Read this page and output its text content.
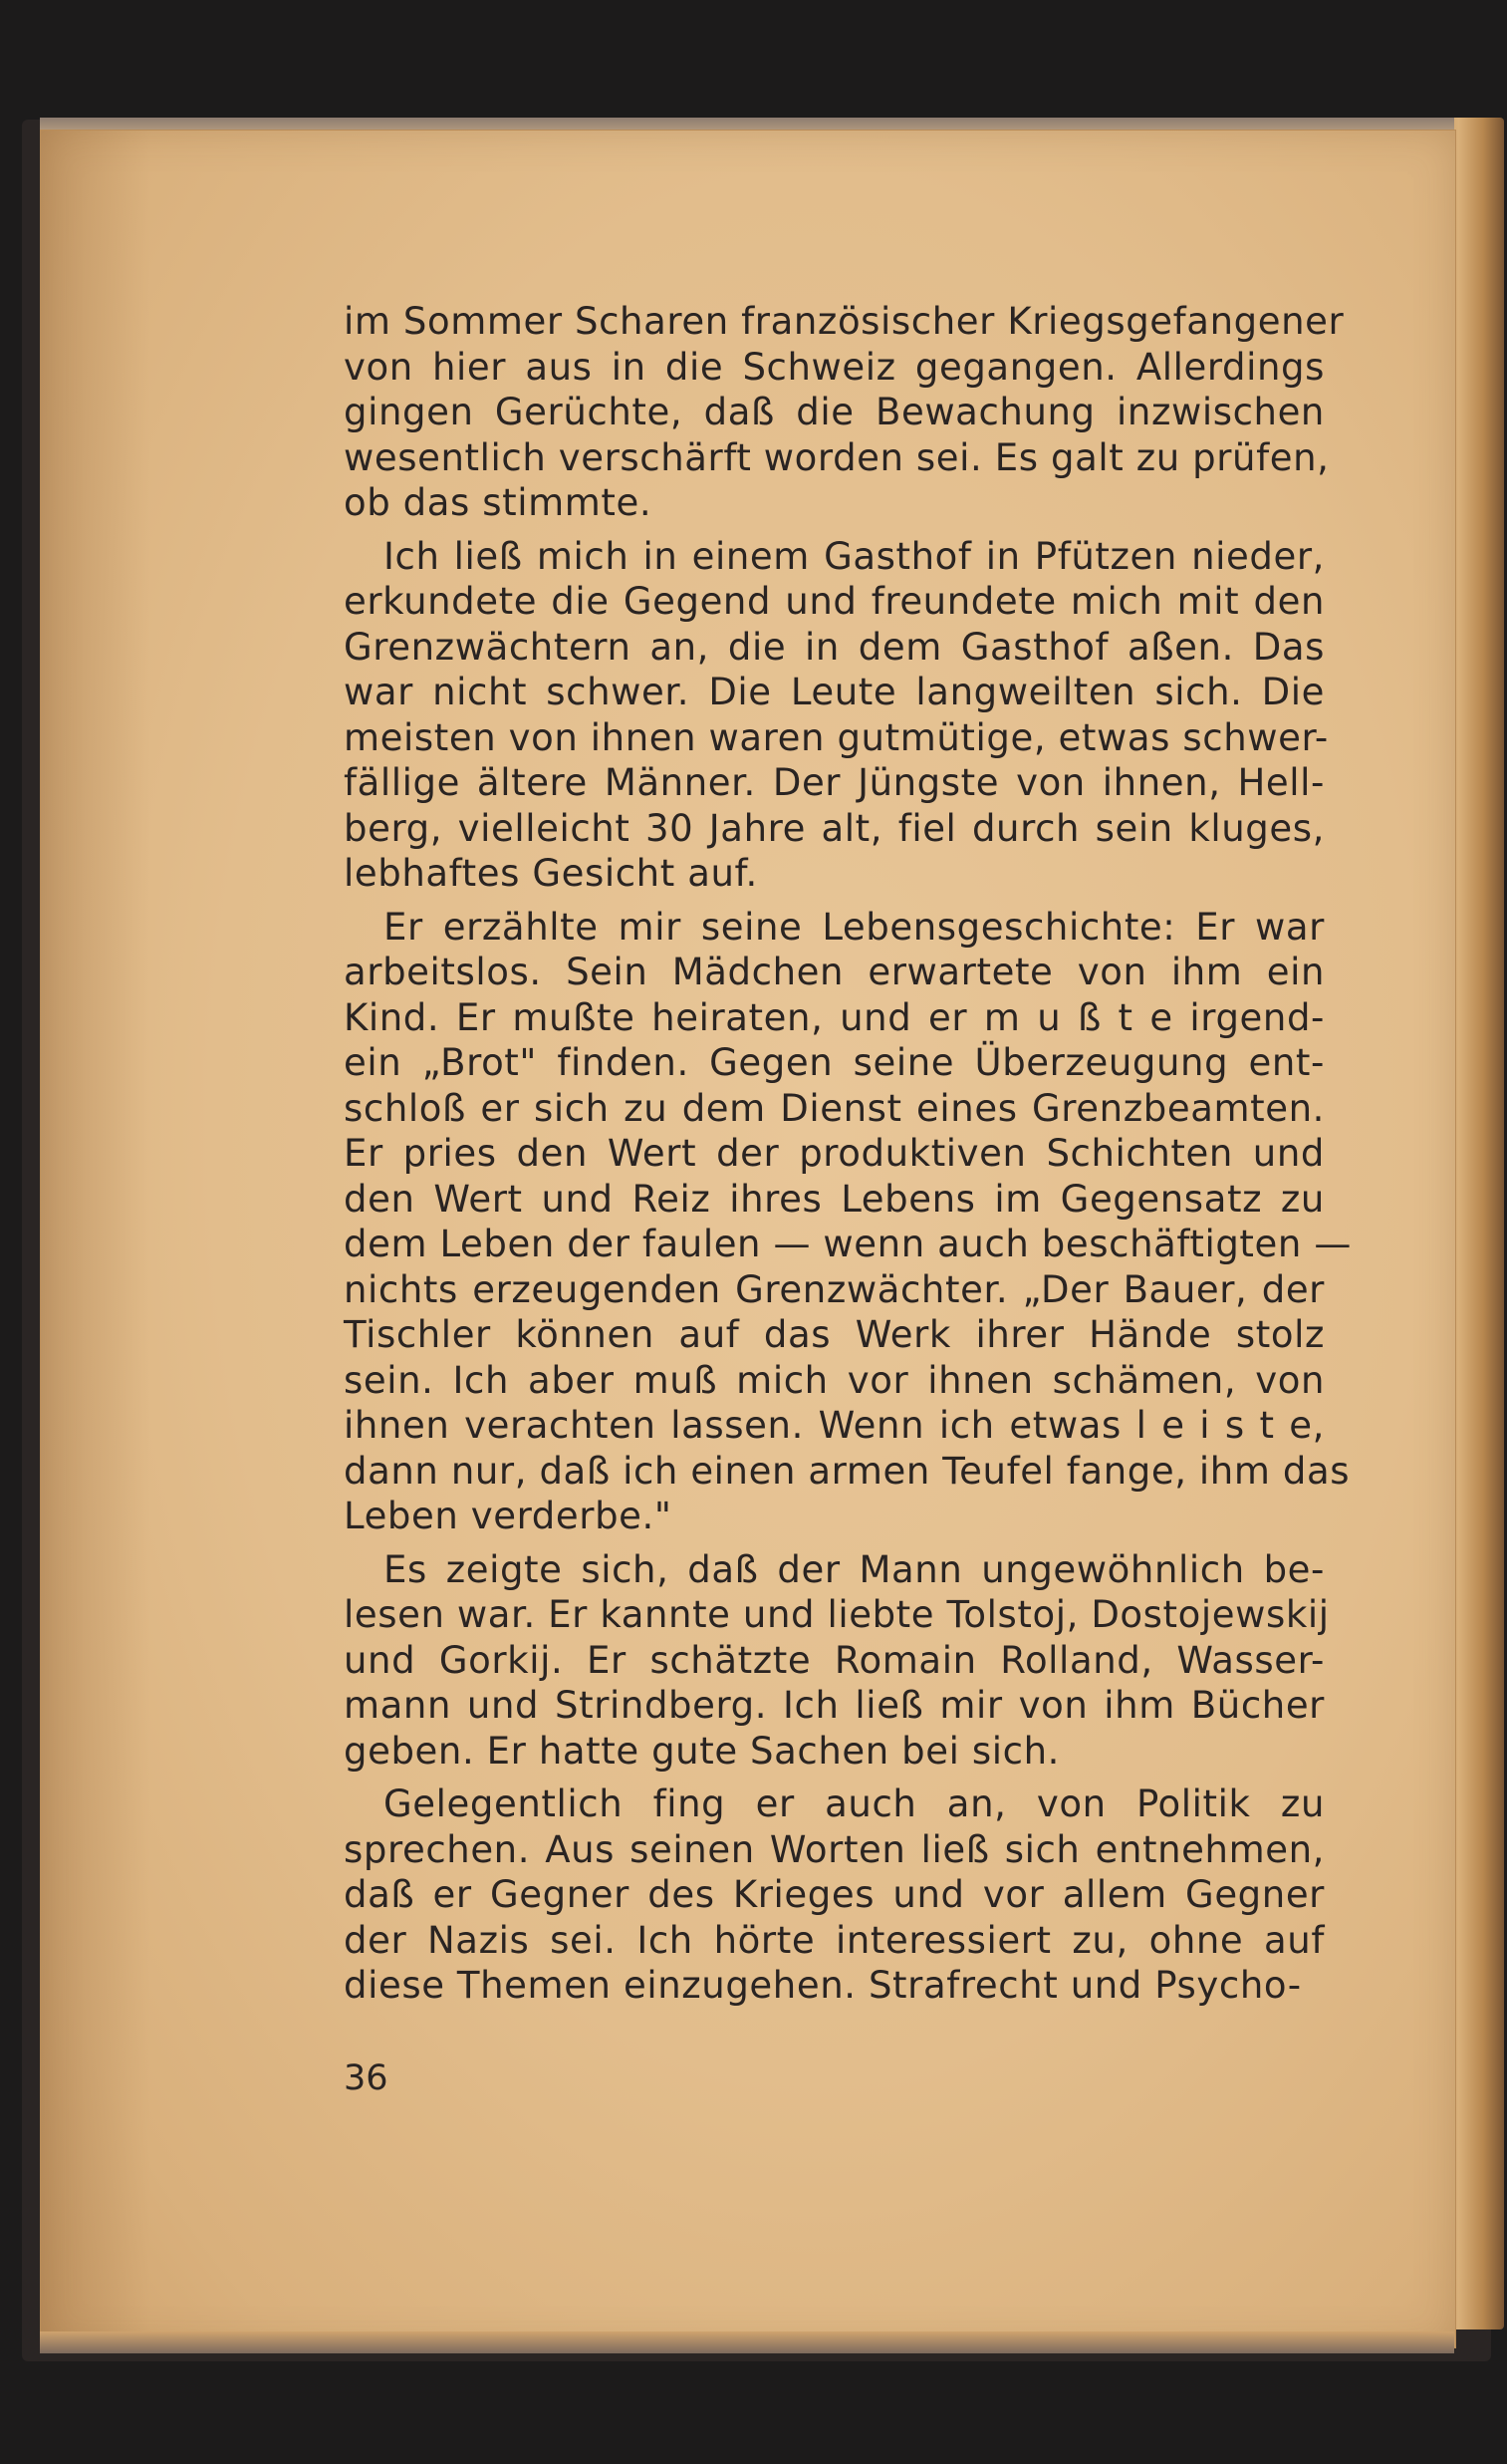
im Sommer Scharen französischer Kriegsgefangener
von hier aus in die Schweiz gegangen. Allerdings
gingen Gerüchte, daß die Bewachung inzwischen
wesentlich verschärft worden sei. Es galt zu prüfen,
ob das stimmte.
Ich ließ mich in einem Gasthof in Pfützen nieder,
erkundete die Gegend und freundete mich mit den
Grenzwächtern an, die in dem Gasthof aßen. Das
war nicht schwer. Die Leute langweilten sich. Die
meisten von ihnen waren gutmütige, etwas schwer-
fällige ältere Männer. Der Jüngste von ihnen, Hell-
berg, vielleicht 30 Jahre alt, fiel durch sein kluges,
lebhaftes Gesicht auf.
Er erzählte mir seine Lebensgeschichte: Er war
arbeitslos. Sein Mädchen erwartete von ihm ein
Kind. Er mußte heiraten, und er m u ß t e irgend-
ein „Brot" finden. Gegen seine Überzeugung ent-
schloß er sich zu dem Dienst eines Grenzbeamten.
Er pries den Wert der produktiven Schichten und
den Wert und Reiz ihres Lebens im Gegensatz zu
dem Leben der faulen — wenn auch beschäftigten —
nichts erzeugenden Grenzwächter. „Der Bauer, der
Tischler können auf das Werk ihrer Hände stolz
sein. Ich aber muß mich vor ihnen schämen, von
ihnen verachten lassen. Wenn ich etwas l e i s t e,
dann nur, daß ich einen armen Teufel fange, ihm das
Leben verderbe."
Es zeigte sich, daß der Mann ungewöhnlich be-
lesen war. Er kannte und liebte Tolstoj, Dostojewskij
und Gorkij. Er schätzte Romain Rolland, Wasser-
mann und Strindberg. Ich ließ mir von ihm Bücher
geben. Er hatte gute Sachen bei sich.
Gelegentlich fing er auch an, von Politik zu
sprechen. Aus seinen Worten ließ sich entnehmen,
daß er Gegner des Krieges und vor allem Gegner
der Nazis sei. Ich hörte interessiert zu, ohne auf
diese Themen einzugehen. Strafrecht und Psycho-
36
